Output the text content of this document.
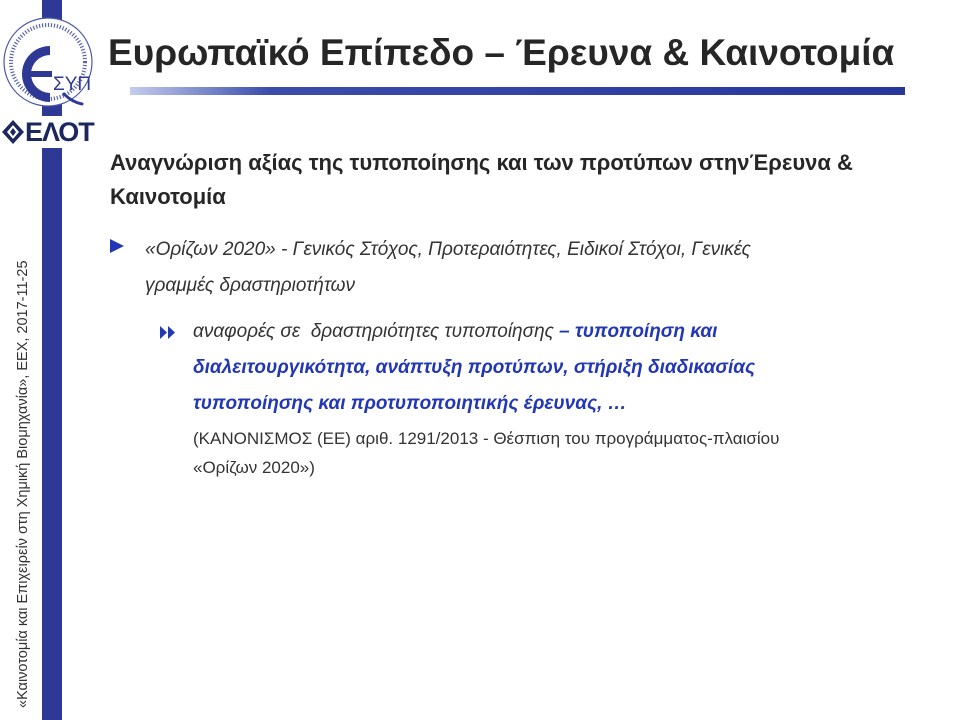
«Καινοτομία και Επιχειρείν στη Χημική Βιομηχανία», ΕΕΧ, 2017-11-25
ΣΥΠ
ΕΛΟΤ
Ευρωπαϊκό Επίπεδο – Έρευνα & Καινοτομία
Αναγνώριση αξίας της τυποποίησης και των προτύπων στηνΈρευνα &
Καινοτομία
«Ορίζων 2020» - Γενικός Στόχος, Προτεραιότητες, Ειδικοί Στόχοι, Γενικές
γραμμές δραστηριοτήτων
αναφορές σε  δραστηριότητες τυποποίησης – τυποποίηση και
διαλειτουργικότητα, ανάπτυξη προτύπων, στήριξη διαδικασίας
τυποποίησης και προτυποποιητικής έρευνας, …
(ΚΑΝΟΝΙΣΜΟΣ (ΕΕ) αριθ. 1291/2013 - Θέσπιση του προγράμματος-πλαισίου
«Ορίζων 2020»)
